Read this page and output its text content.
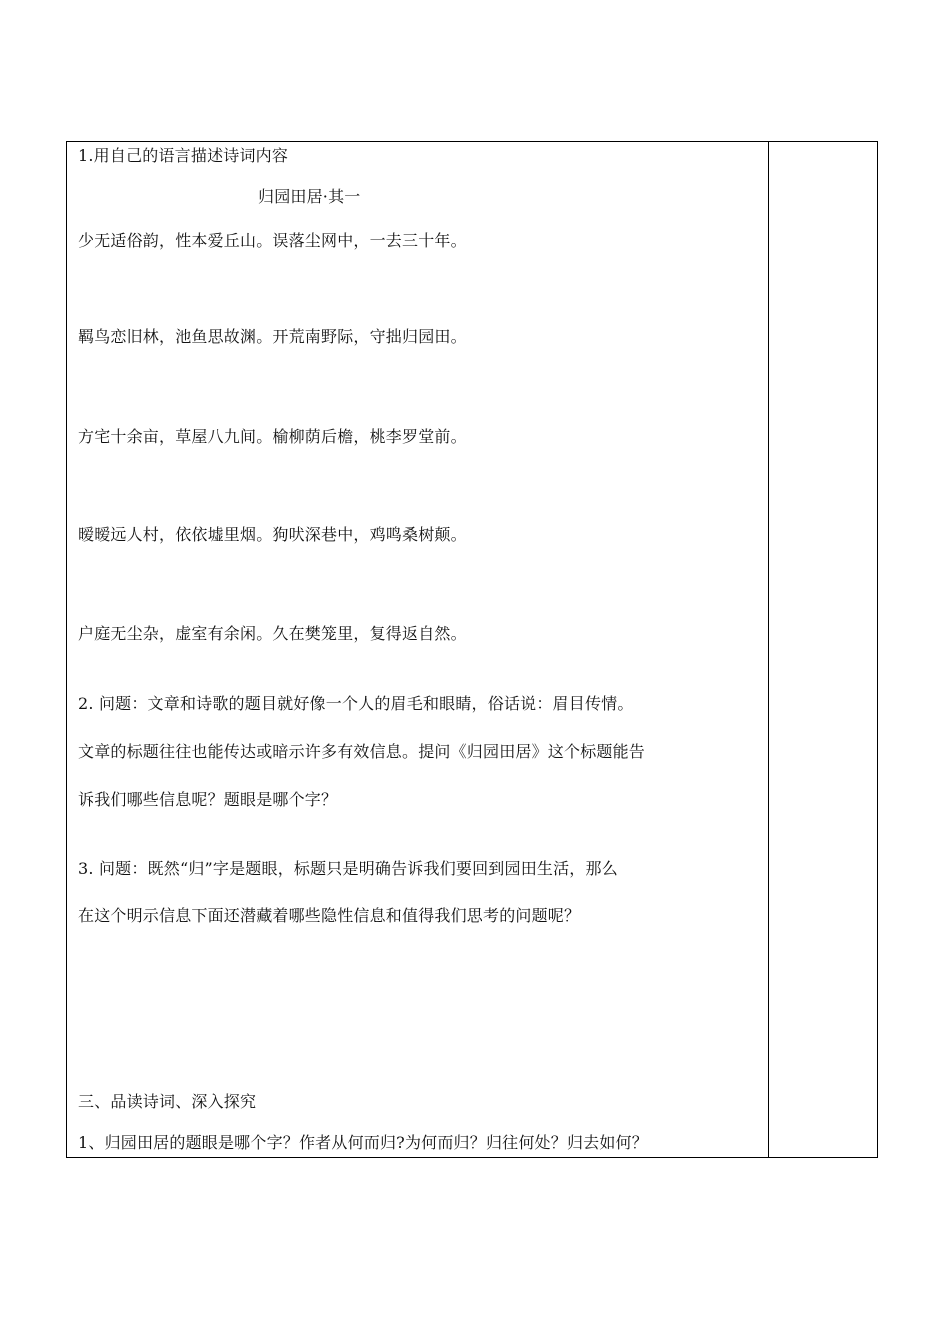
1.用自己的语言描述诗词内容
归园田居·其一
少无适俗韵，性本爱丘山。误落尘网中，一去三十年。
羁鸟恋旧林，池鱼思故渊。开荒南野际，守拙归园田。
方宅十余亩，草屋八九间。榆柳荫后檐，桃李罗堂前。
暧暧远人村，依依墟里烟。狗吠深巷中，鸡鸣桑树颠。
户庭无尘杂，虚室有余闲。久在樊笼里，复得返自然。
2. 问题：文章和诗歌的题目就好像一个人的眉毛和眼睛，俗话说：眉目传情。
文章的标题往往也能传达或暗示许多有效信息。提问《归园田居》这个标题能告
诉我们哪些信息呢？题眼是哪个字？
3. 问题：既然“归”字是题眼，标题只是明确告诉我们要回到园田生活，那么
在这个明示信息下面还潜藏着哪些隐性信息和值得我们思考的问题呢？
三、品读诗词、深入探究
1、归园田居的题眼是哪个字？作者从何而归?为何而归？归往何处？归去如何？
